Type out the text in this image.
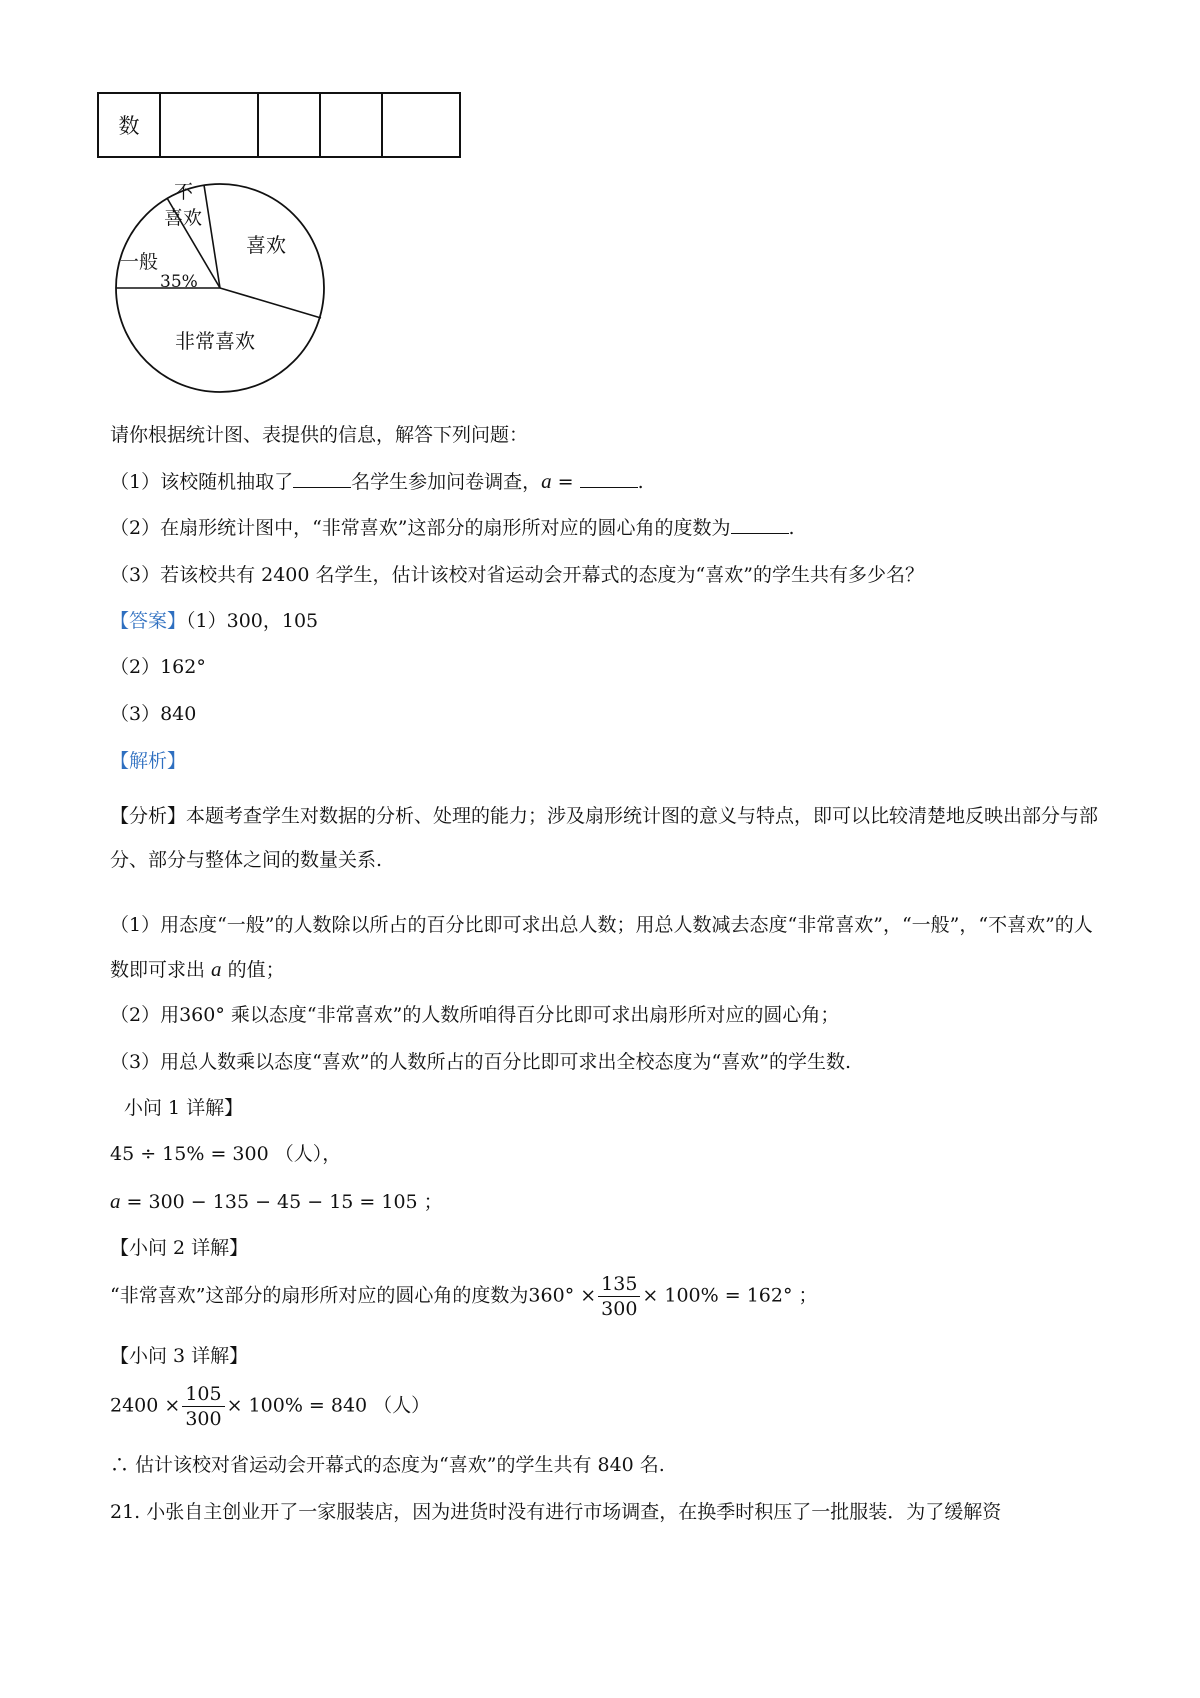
数				
不
喜欢
喜欢
一般
35%
非常喜欢
请你根据统计图、表提供的信息，解答下列问题：
（1）该校随机抽取了	名学生参加问卷调查，a =	.
（2）在扇形统计图中，“非常喜欢”这部分的扇形所对应的圆心角的度数为	.
（3）若该校共有 2400 名学生，估计该校对省运动会开幕式的态度为“喜欢”的学生共有多少名？
【答案】（1）300，105
（2）162°
（3）840
【解析】
【分析】本题考查学生对数据的分析、处理的能力；涉及扇形统计图的意义与特点，即可以比较清楚地反映出部分与部分、部分与整体之间的数量关系.
（1）用态度“一般”的人数除以所占的百分比即可求出总人数；用总人数减去态度“非常喜欢”，“一般”，“不喜欢”的人数即可求出 a 的值；
（2）用360° 乘以态度“非常喜欢”的人数所咱得百分比即可求出扇形所对应的圆心角；
（3）用总人数乘以态度“喜欢”的人数所占的百分比即可求出全校态度为“喜欢”的学生数.
小问 1 详解】
45 ÷ 15% = 300 （人），
a = 300 − 135 − 45 − 15 = 105 ；
【小问 2 详解】
“非常喜欢”这部分的扇形所对应的圆心角的度数为$360^\circ \times \frac{135}{300} \times 100\% = 162^\circ$ ；
【小问 3 详解】
$2400 \times \frac{105}{300} \times 100\% = 840$ （人）
∴ 估计该校对省运动会开幕式的态度为“喜欢”的学生共有 840 名.
21. 小张自主创业开了一家服装店，因为进货时没有进行市场调查，在换季时积压了一批服装．为了缓解资
